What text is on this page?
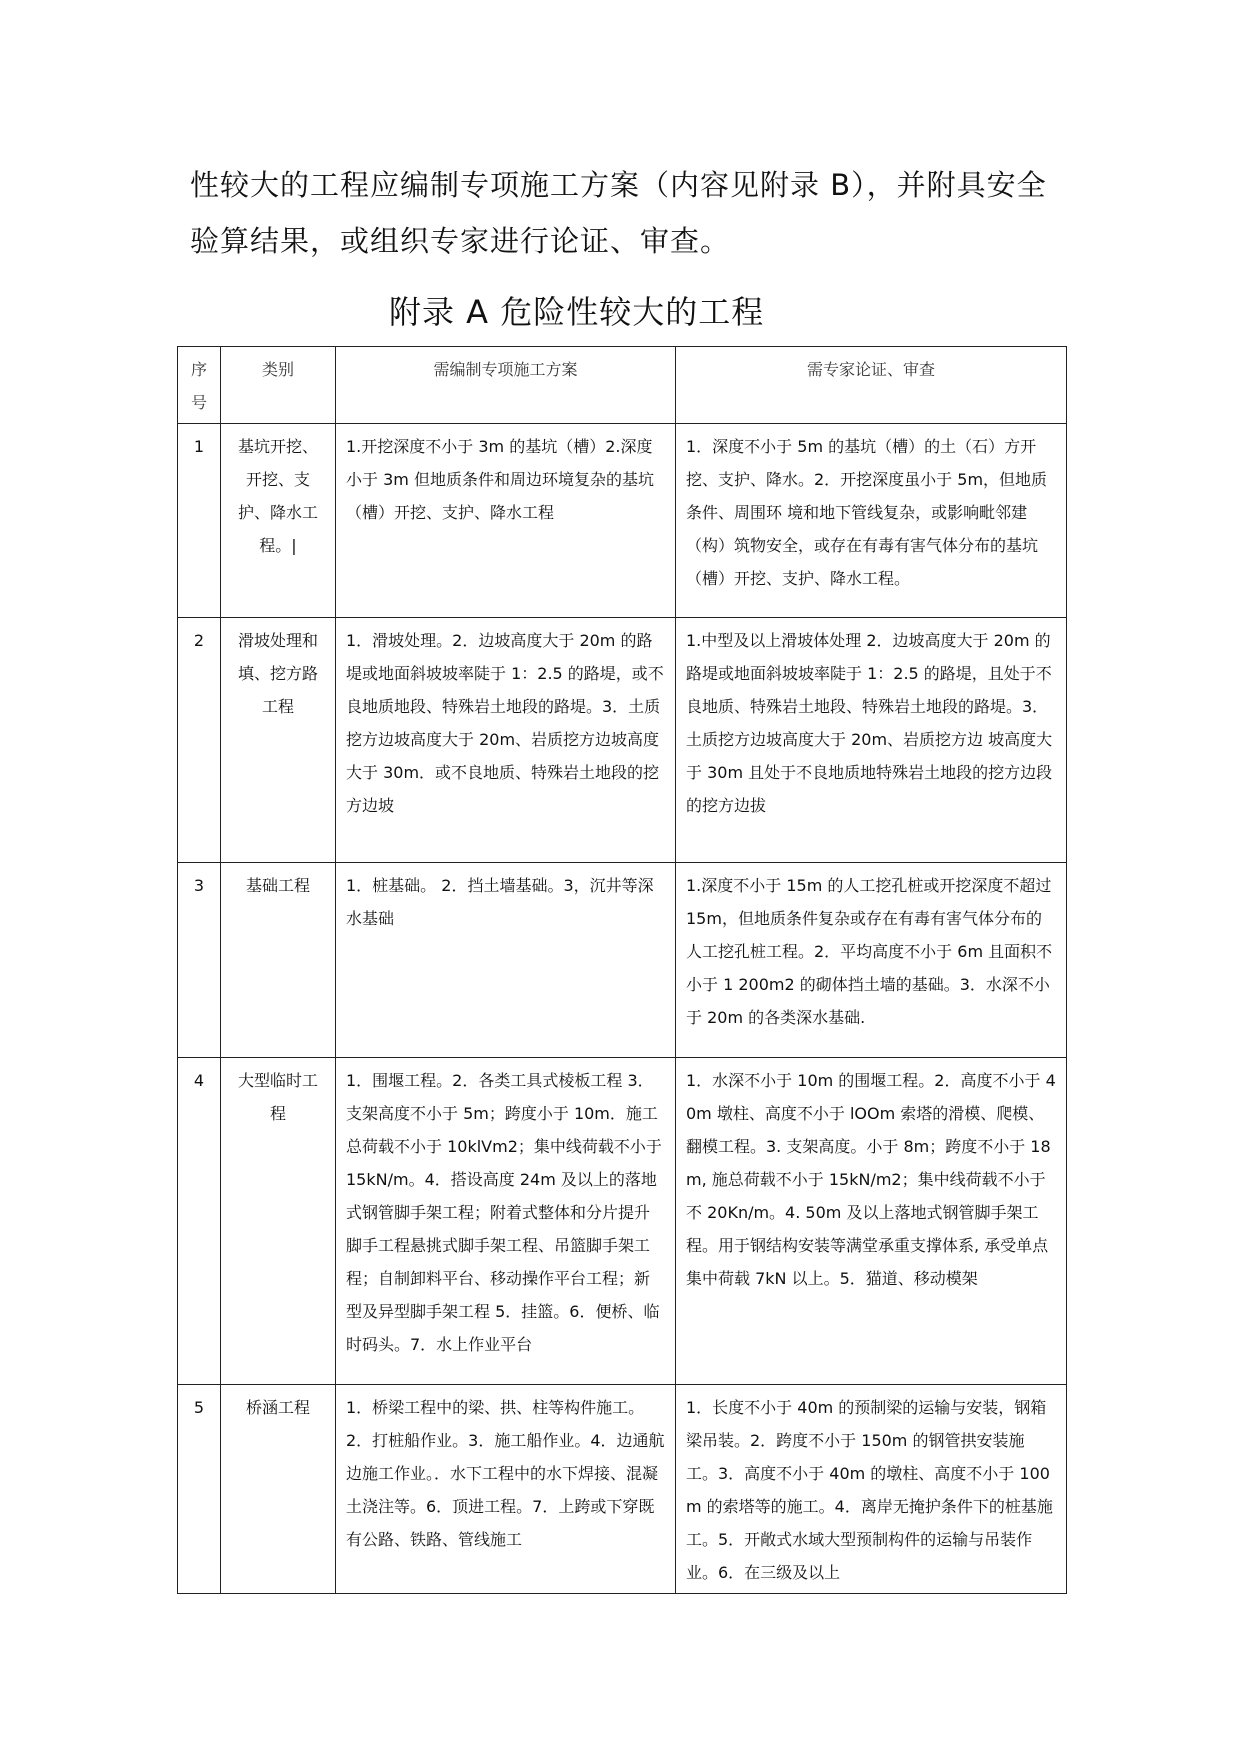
性较大的工程应编制专项施工方案（内容见附录 B），并附具安全验算结果，或组织专家进行论证、审查。

附录 A 危险性较大的工程
序号	类别	需编制专项施工方案	需专家论证、审查
1	基坑开挖、开挖、支护、降水工程。|	1.开挖深度不小于 3m 的基坑（槽）2.深度小于 3m 但地质条件和周边环境复杂的基坑（槽）开挖、支护、降水工程	1．深度不小于 5m 的基坑（槽）的土（石）方开挖、支护、降水。2．开挖深度虽小于 5m，但地质条件、周围环 境和地下管线复杂，或影响毗邻建（构）筑物安全，或存在有毒有害气体分布的基坑（槽）开挖、支护、降水工程。
2	滑坡处理和填、挖方路工程	1．滑坡处理。2．边坡高度大于 20m 的路堤或地面斜坡坡率陡于 1：2.5 的路堤，或不良地质地段、特殊岩土地段的路堤。3．土质挖方边坡高度大于 20m、岩质挖方边坡高度大于 30m．或不良地质、特殊岩土地段的挖方边坡	1.中型及以上滑坡体处理 2．边坡高度大于 20m 的路堤或地面斜坡坡率陡于 1：2.5 的路堤，且处于不良地质、特殊岩土地段、特殊岩土地段的路堤。3．土质挖方边坡高度大于 20m、岩质挖方边 坡高度大于 30m 且处于不良地质地特殊岩土地段的挖方边段的挖方边拔
3	基础工程	1．桩基础。 2．挡土墙基础。3，沉井等深水基础	1.深度不小于 15m 的人工挖孔桩或开挖深度不超过 15m，但地质条件复杂或存在有毒有害气体分布的人工挖孔桩工程。2．平均高度不小于 6m 且面积不小于 1 200m2 的砌体挡土墙的基础。3．水深不小于 20m 的各类深水基础.
4	大型临时工程	1．围堰工程。2．各类工具式棱板工程 3． 支架高度不小于 5m；跨度小于 10m．施工总荷载不小于 10klVm2；集中线荷载不小于 15kN/m。4．搭设高度 24m 及以上的落地式钢管脚手架工程；附着式整体和分片提升脚手工程悬挑式脚手架工程、吊篮脚手架工程；自制卸料平台、移动操作平台工程；新型及异型脚手架工程 5．挂篮。6．便桥、临时码头。7．水上作业平台	1．水深不小于 10m 的围堰工程。2．高度不小于 40m 墩柱、高度不小于 lOOm 索塔的滑模、爬模、翻模工程。3. 支架高度。小于 8m；跨度不小于 18m, 施总荷载不小于 15kN/m2；集中线荷载不小于不 20Kn/m。4. 50m 及以上落地式钢管脚手架工程。用于钢结构安装等满堂承重支撑体系, 承受单点集中荷载 7kN 以上。5．猫道、移动模架
5	桥涵工程	1．桥梁工程中的梁、拱、柱等构件施工。2．打桩船作业。3．施工船作业。4．边通航边施工作业。．水下工程中的水下焊接、混凝土浇注等。6．顶进工程。7．上跨或下穿既有公路、铁路、管线施工	1．长度不小于 40m 的预制梁的运输与安装，钢箱梁吊装。2．跨度不小于 150m 的钢管拱安装施工。3．高度不小于 40m 的墩柱、高度不小于 100m 的索塔等的施工。4．离岸无掩护条件下的桩基施工。5．开敞式水域大型预制构件的运输与吊装作业。6．在三级及以上
